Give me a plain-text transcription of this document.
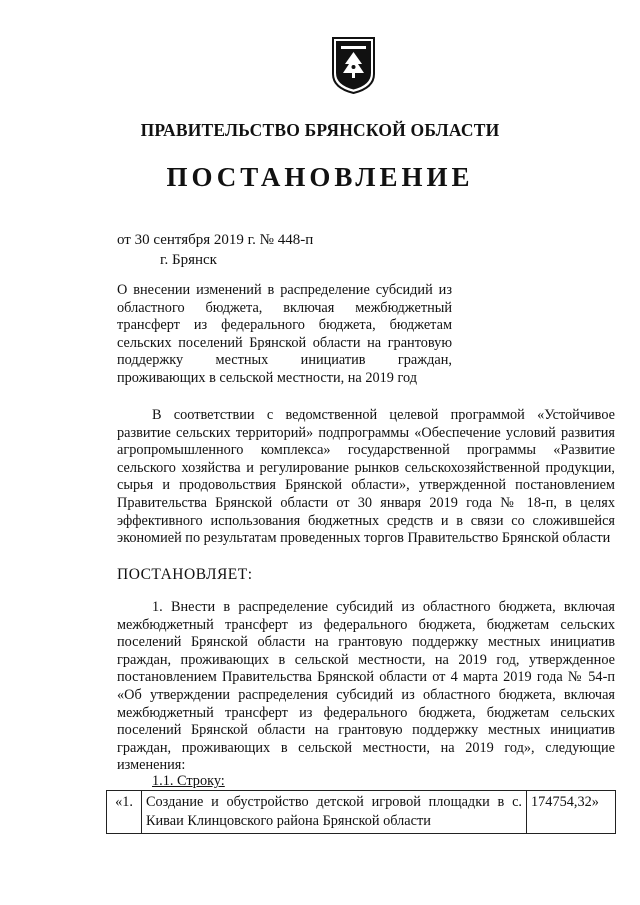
ПРАВИТЕЛЬСТВО БРЯНСКОЙ ОБЛАСТИ
ПОСТАНОВЛЕНИЕ
от 30 сентября 2019 г. № 448-п
г. Брянск
О внесении изменений в распределение субсидий из областного бюджета, включая межбюджетный трансферт из федерального бюджета, бюджетам сельских поселений Брянской области на грантовую поддержку местных инициатив граждан, проживающих в сельской местности, на 2019 год

В соответствии с ведомственной целевой программой «Устойчивое развитие сельских территорий» подпрограммы «Обеспечение условий развития агропромышленного комплекса» государственной программы «Развитие сельского хозяйства и регулирование рынков сельскохозяйственной продукции, сырья и продовольствия Брянской области», утвержденной постановлением Правительства Брянской области от 30 января 2019 года № 18-п, в целях эффективного использования бюджетных средств и в связи со сложившейся экономией по результатам проведенных торгов Правительство Брянской области

ПОСТАНОВЛЯЕТ:

1. Внести в распределение субсидий из областного бюджета, включая межбюджетный трансферт из федерального бюджета, бюджетам сельских поселений Брянской области на грантовую поддержку местных инициатив граждан, проживающих в сельской местности, на 2019 год, утвержденное постановлением Правительства Брянской области от 4 марта 2019 года № 54-п «Об утверждении распределения субсидий из областного бюджета, включая межбюджетный трансферт из федерального бюджета, бюджетам сельских поселений Брянской области на грантовую поддержку местных инициатив граждан, проживающих в сельской местности, на 2019 год», следующие изменения:

1.1. Строку:

«1.	Создание и обустройство детской игровой площадки в с. Киваи Клинцовского района Брянской области	174754,32»
